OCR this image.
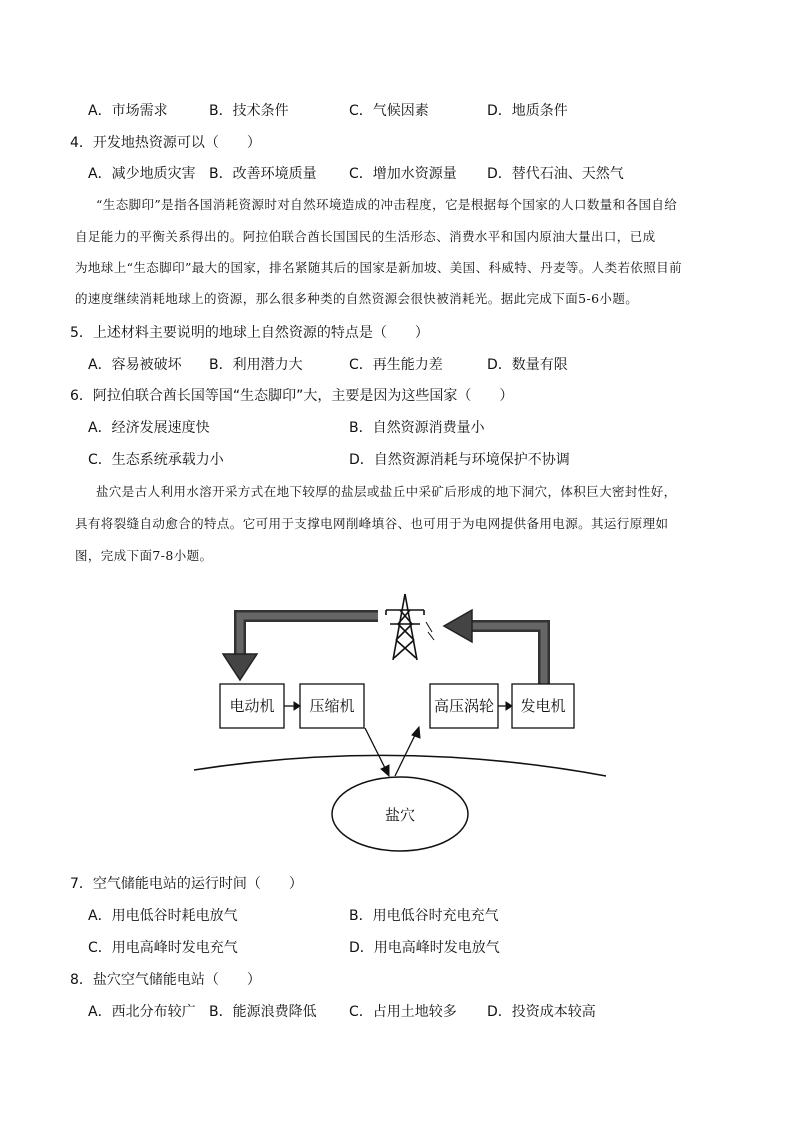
A．市场需求	B．技术条件	C．气候因素	D．地质条件
4．开发地热资源可以（　　）
A．减少地质灾害 B．改善环境质量 C．增加水资源量 D．替代石油、天然气
“生态脚印”是指各国消耗资源时对自然环境造成的冲击程度，它是根据每个国家的人口数量和各国自给
自足能力的平衡关系得出的。阿拉伯联合酋长国国民的生活形态、消费水平和国内原油大量出口，已成
为地球上“生态脚印”最大的国家，排名紧随其后的国家是新加坡、美国、科威特、丹麦等。人类若依照目前
的速度继续消耗地球上的资源，那么很多种类的自然资源会很快被消耗光。据此完成下面5-6小题。
5．上述材料主要说明的地球上自然资源的特点是（　　）
A．容易被破坏 B．利用潜力大	C．再生能力差	D．数量有限
6．阿拉伯联合酋长国等国“生态脚印”大，主要是因为这些国家（　　）
A．经济发展速度快	B．自然资源消费量小
C．生态系统承载力小	D．自然资源消耗与环境保护不协调
盐穴是古人利用水溶开采方式在地下较厚的盐层或盐丘中采矿后形成的地下洞穴，体积巨大密封性好，
具有将裂缝自动愈合的特点。它可用于支撑电网削峰填谷、也可用于为电网提供备用电源。其运行原理如
图，完成下面7-8小题。
电动机 压缩机	高压涡轮 发电机
盐穴
7．空气储能电站的运行时间（　　）
A．用电低谷时耗电放气	B．用电低谷时充电充气
C．用电高峰时发电充气	D．用电高峰时发电放气
8．盐穴空气储能电站（　　）
A．西北分布较广 B．能源浪费降低 C．占用土地较多 D．投资成本较高
